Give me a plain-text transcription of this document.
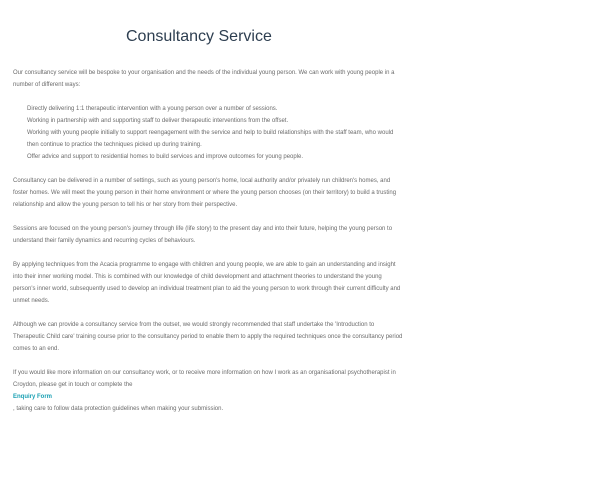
Consultancy Service

Our consultancy service will be bespoke to your organisation and the needs of the individual young person. We can work with young people in a number of different ways:

Directly delivering 1:1 therapeutic intervention with a young person over a number of sessions.
Working in partnership with and supporting staff to deliver therapeutic interventions from the offset.
Working with young people initially to support reengagement with the service and help to build relationships with the staff team, who would then continue to practice the techniques picked up during training.
Offer advice and support to residential homes to build services and improve outcomes for young people.

Consultancy can be delivered in a number of settings, such as young person's home, local authority and/or privately run children's homes, and foster homes. We will meet the young person in their home environment or where the young person chooses (on their territory) to build a trusting relationship and allow the young person to tell his or her story from their perspective.

Sessions are focused on the young person's journey through life (life story) to the present day and into their future, helping the young person to understand their family dynamics and recurring cycles of behaviours.

By applying techniques from the Acacia programme to engage with children and young people, we are able to gain an understanding and insight into their inner working model. This is combined with our knowledge of child development and attachment theories to understand the young person's inner world, subsequently used to develop an individual treatment plan to aid the young person to work through their current difficulty and unmet needs.

Although we can provide a consultancy service from the outset, we would strongly recommended that staff undertake the 'Introduction to Therapeutic Child care' training course prior to the consultancy period to enable them to apply the required techniques once the consultancy period comes to an end.

If you would like more information on our consultancy work, or to receive more information on how I work as an organisational psychotherapist in Croydon, please get in touch or complete the

Enquiry Form

, taking care to follow data protection guidelines when making your submission.
